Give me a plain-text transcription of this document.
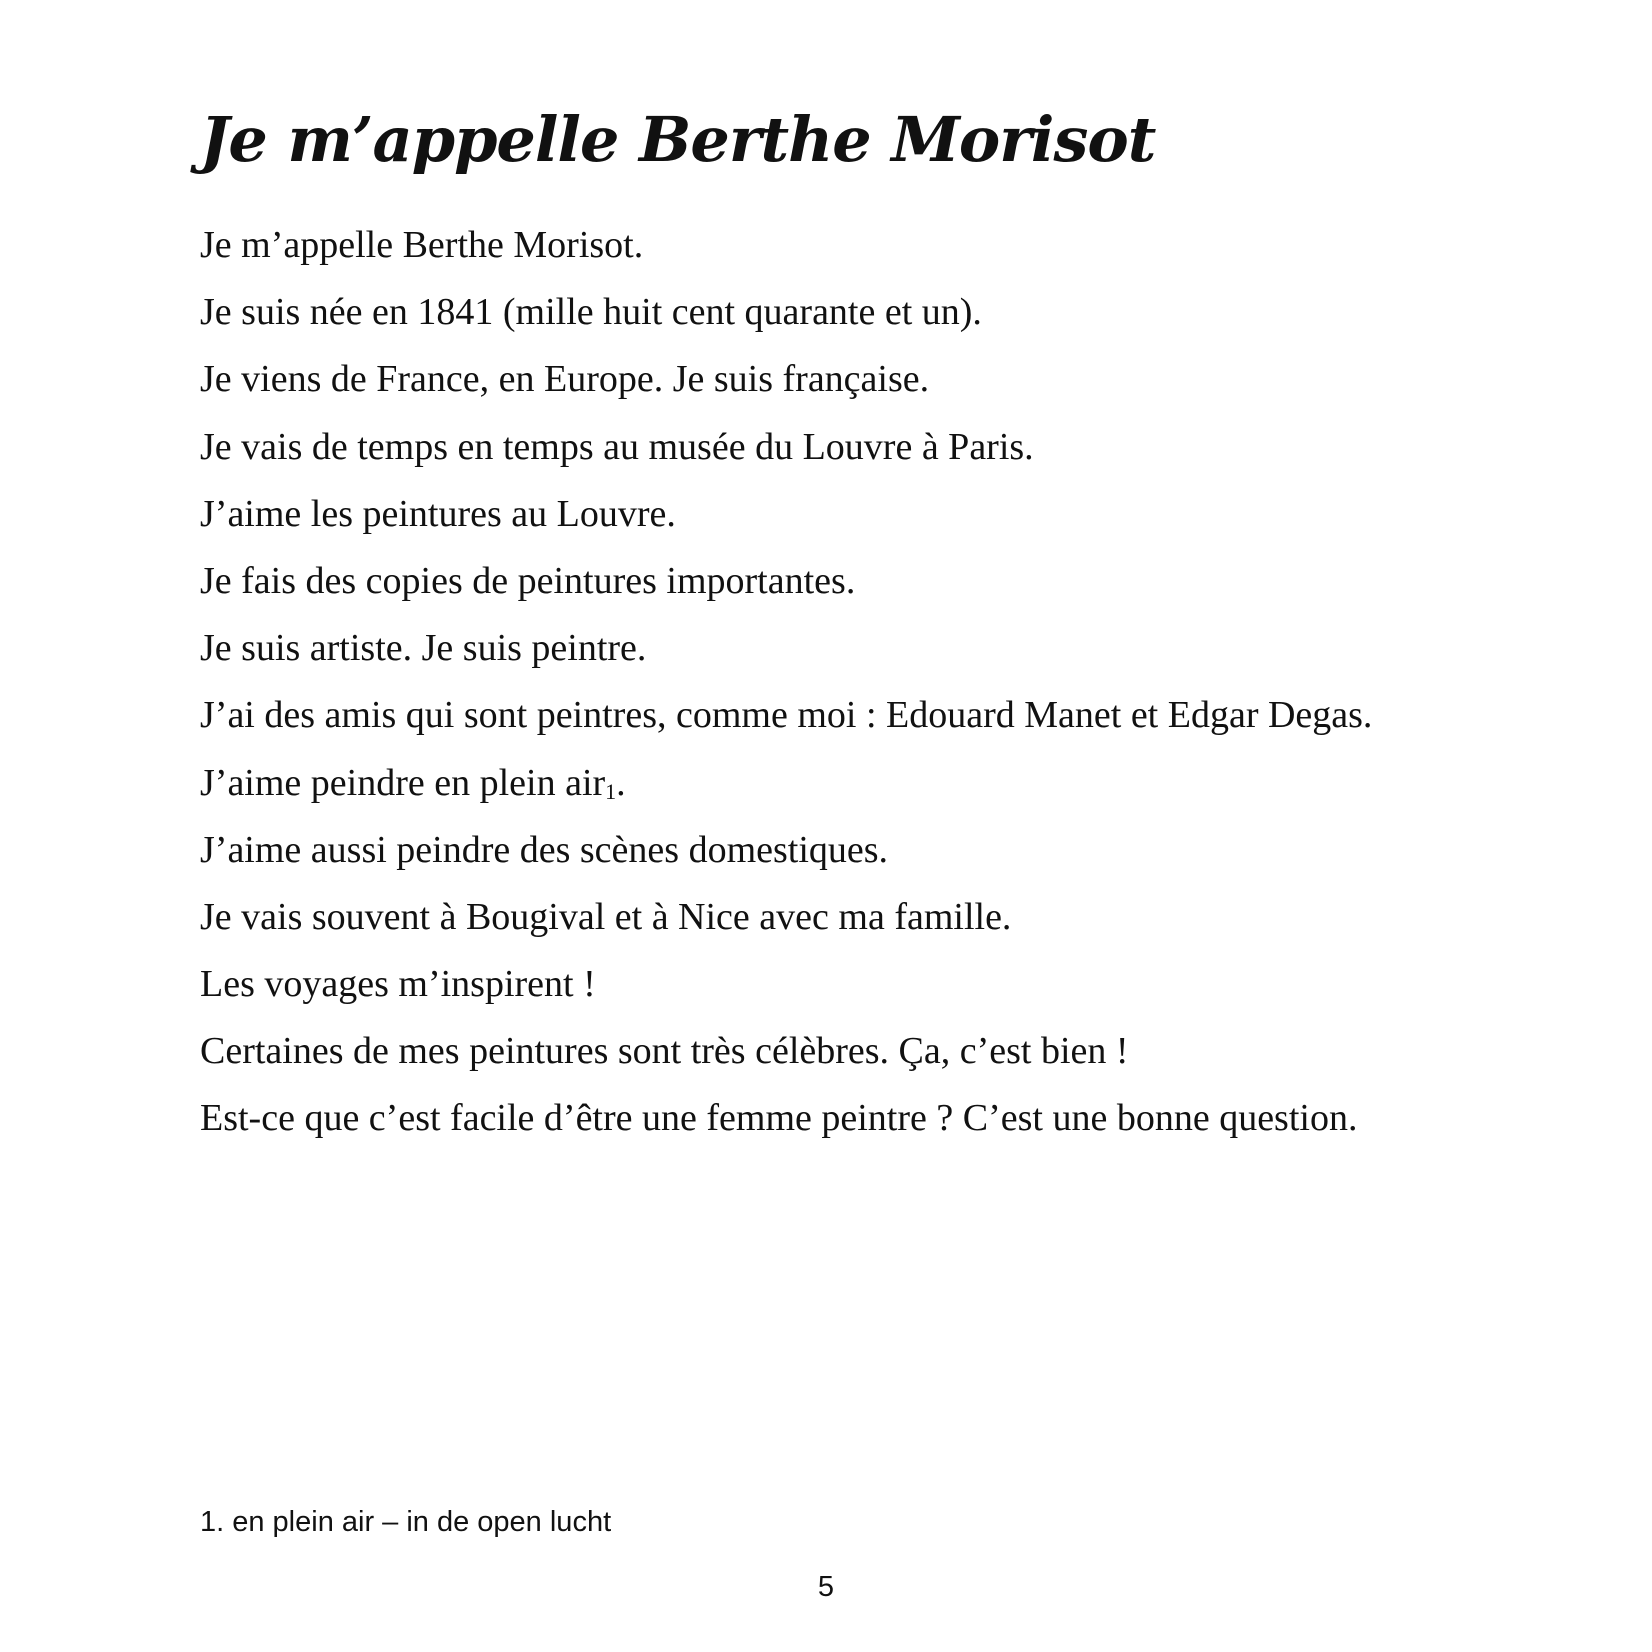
Je m’appelle Berthe Morisot
Je m’appelle Berthe Morisot.
Je suis née en 1841 (mille huit cent quarante et un).
Je viens de France, en Europe. Je suis française.
Je vais de temps en temps au musée du Louvre à Paris.
J’aime les peintures au Louvre.
Je fais des copies de peintures importantes.
Je suis artiste. Je suis peintre.
J’ai des amis qui sont peintres, comme moi : Edouard Manet et Edgar Degas.
J’aime peindre en plein air$^1$.
J’aime aussi peindre des scènes domestiques.
Je vais souvent à Bougival et à Nice avec ma famille.
Les voyages m’inspirent !
Certaines de mes peintures sont très célèbres. Ça, c’est bien !
Est-ce que c’est facile d’être une femme peintre ? C’est une bonne question.

1. en plein air – in de open lucht

5
